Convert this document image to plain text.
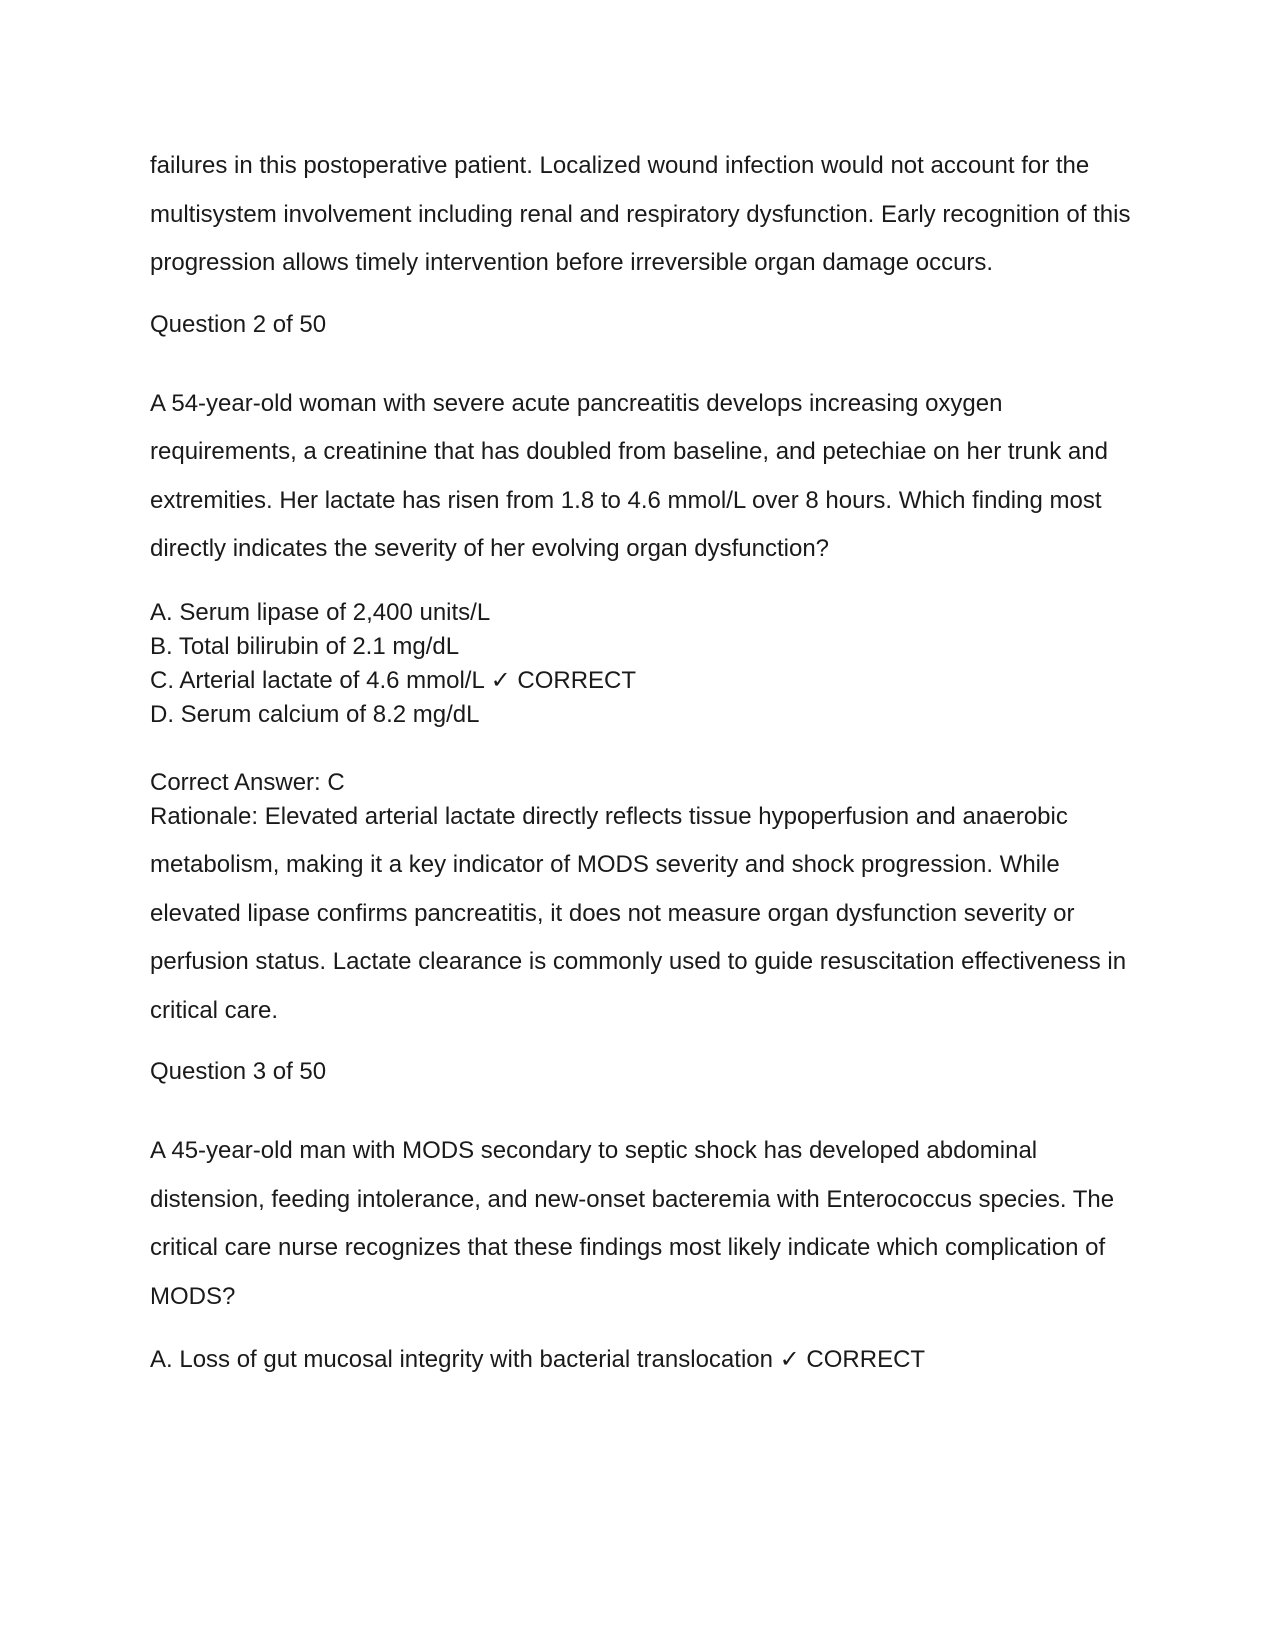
failures in this postoperative patient. Localized wound infection would not account for the multisystem involvement including renal and respiratory dysfunction. Early recognition of this progression allows timely intervention before irreversible organ damage occurs.

Question 2 of 50

A 54-year-old woman with severe acute pancreatitis develops increasing oxygen requirements, a creatinine that has doubled from baseline, and petechiae on her trunk and extremities. Her lactate has risen from 1.8 to 4.6 mmol/L over 8 hours. Which finding most directly indicates the severity of her evolving organ dysfunction?

A. Serum lipase of 2,400 units/L
B. Total bilirubin of 2.1 mg/dL
C. Arterial lactate of 4.6 mmol/L ✓ CORRECT
D. Serum calcium of 8.2 mg/dL
Correct Answer: C

Rationale: Elevated arterial lactate directly reflects tissue hypoperfusion and anaerobic metabolism, making it a key indicator of MODS severity and shock progression. While elevated lipase confirms pancreatitis, it does not measure organ dysfunction severity or perfusion status. Lactate clearance is commonly used to guide resuscitation effectiveness in critical care.

Question 3 of 50

A 45-year-old man with MODS secondary to septic shock has developed abdominal distension, feeding intolerance, and new-onset bacteremia with Enterococcus species. The critical care nurse recognizes that these findings most likely indicate which complication of MODS?

A. Loss of gut mucosal integrity with bacterial translocation ✓ CORRECT
